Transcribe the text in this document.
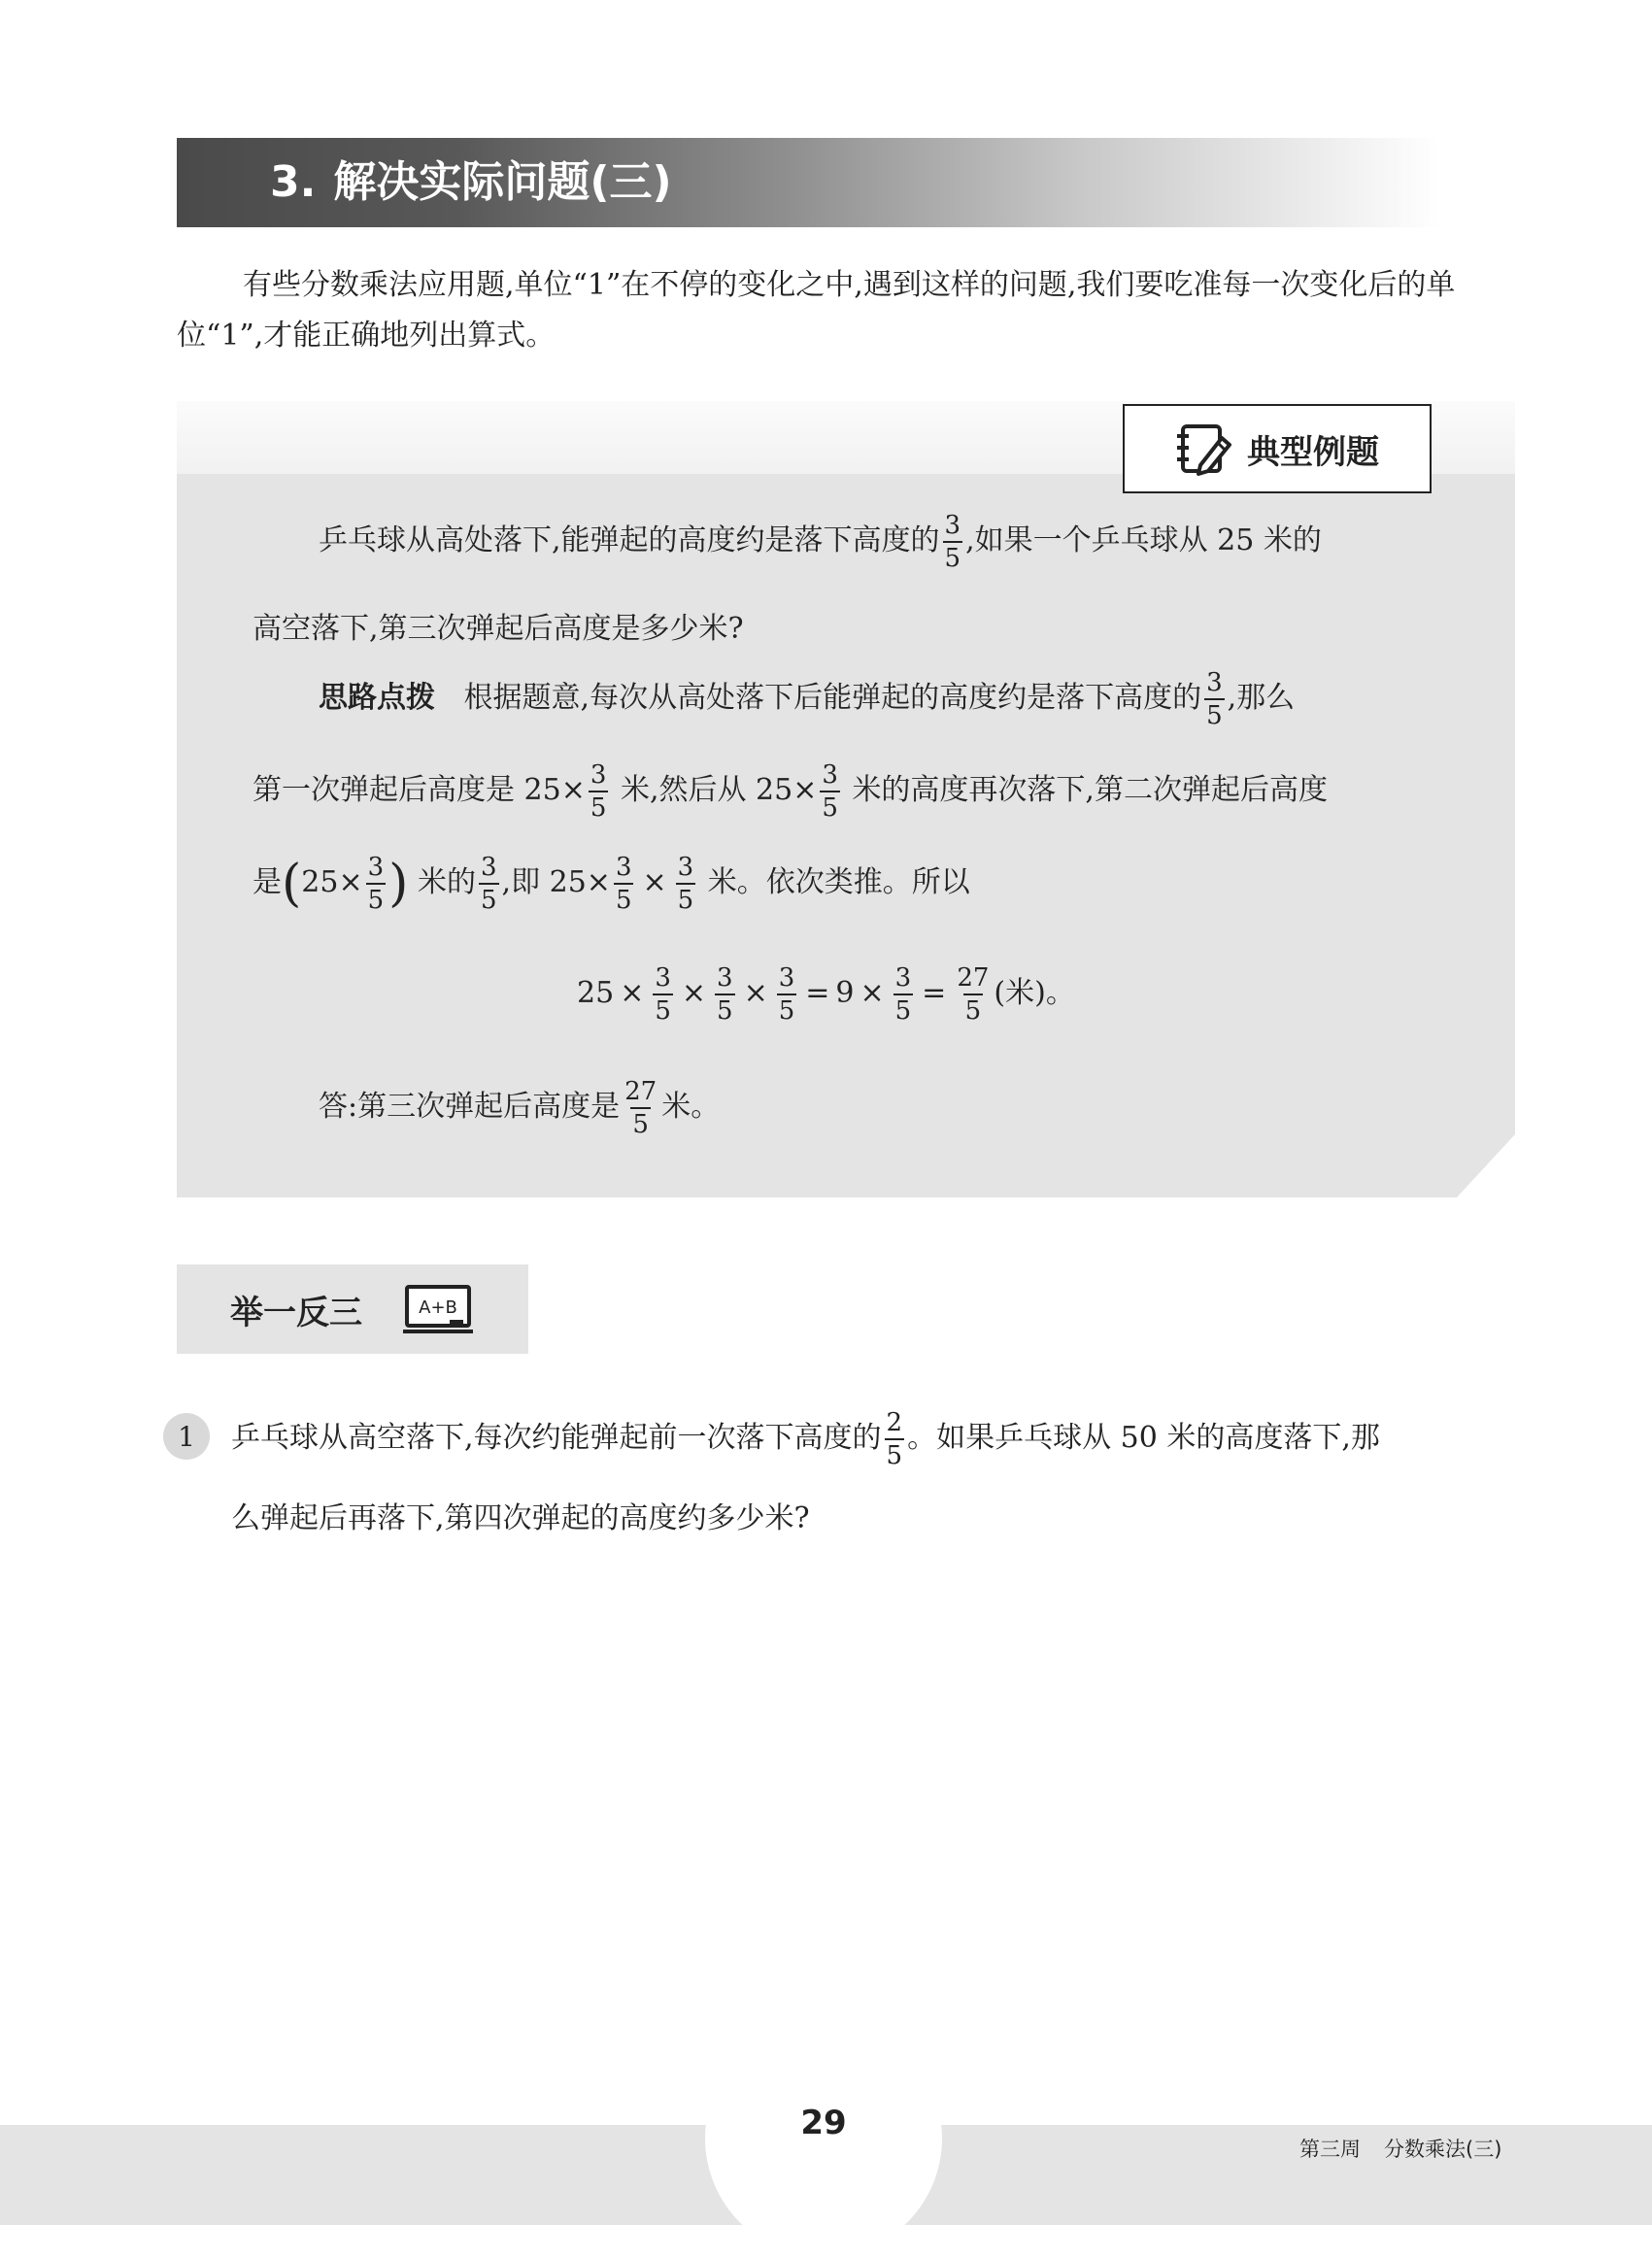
3. 解决实际问题(三)
有些分数乘法应用题,单位“1”在不停的变化之中,遇到这样的问题,我们要吃准每一次变化后的单位“1”,才能正确地列出算式。
典型例题
乒乓球从高处落下,能弹起的高度约是落下高度的 $\frac{3}{5}$ ,如果一个乒乓球从 25 米的
高空落下,第三次弹起后高度是多少米?
思路点拨 根据题意,每次从高处落下后能弹起的高度约是落下高度的 $\frac{3}{5}$ ,那么
第一次弹起后高度是 $25\times \frac{3}{5}$ 米,然后从 $25\times \frac{3}{5}$ 米的高度再次落下,第二次弹起后高度
是($25\times \frac{3}{5}$ ) 米的 $\frac{3}{5}$ ,即 $25\times \frac{3}{5} \times \frac{3}{5}$ 米。依次类推。所以
$25 \times \frac{3}{5} \times \frac{3}{5} \times \frac{3}{5} = 9 \times \frac{3}{5} = \frac{27}{5}$ (米)。
答:第三次弹起后高度是 $\frac{27}{5}$ 米。
举一反三	A+B
1	乒乓球从高空落下,每次约能弹起前一次落下高度的 $\frac{2}{5}$ 。如果乒乓球从 50 米的高度落下,那
么弹起后再落下,第四次弹起的高度约多少米?
29
第三周 分数乘法(三)
